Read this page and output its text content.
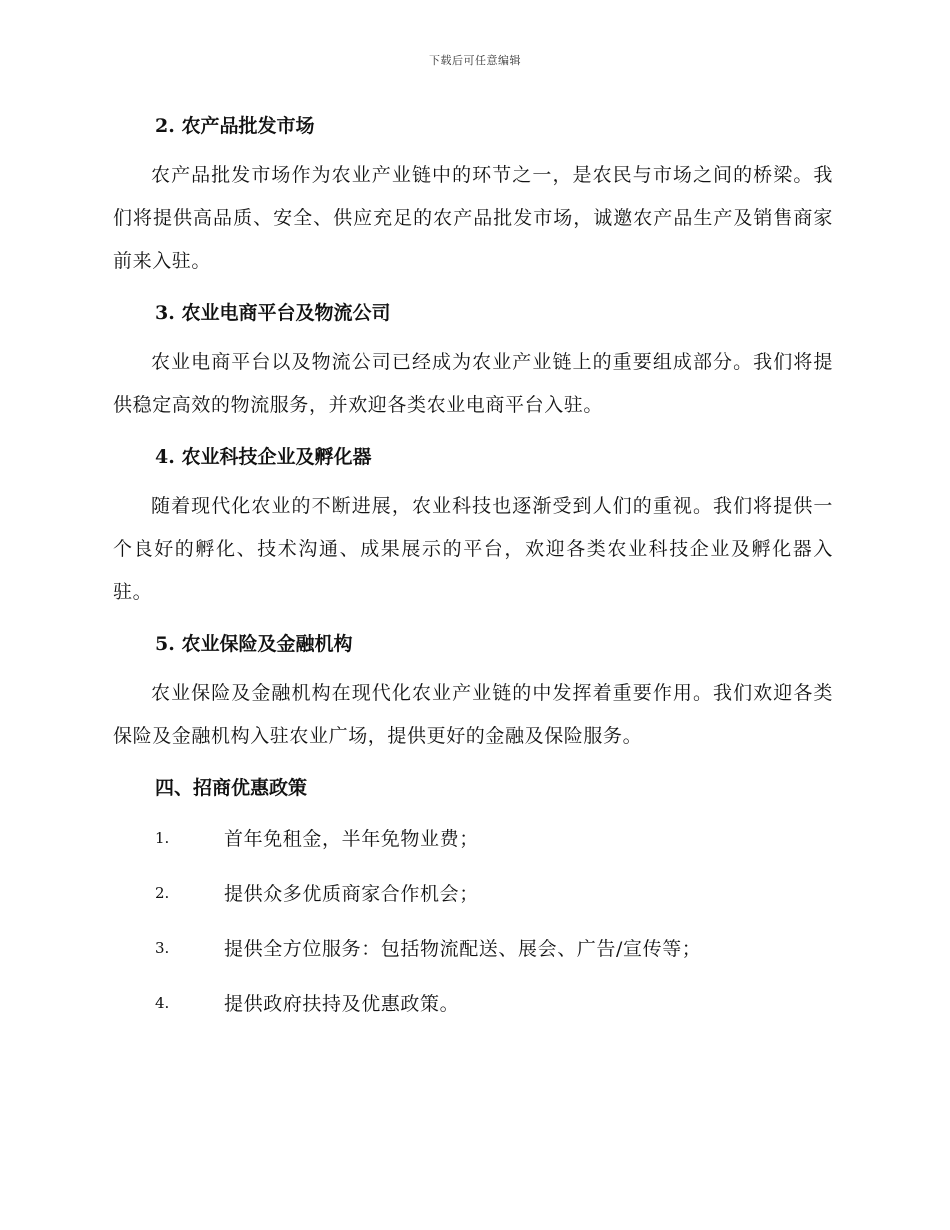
下载后可任意编辑
2. 农产品批发市场

农产品批发市场作为农业产业链中的环节之一，是农民与市场之间的桥梁。我们将提供高品质、安全、供应充足的农产品批发市场，诚邀农产品生产及销售商家前来入驻。

3. 农业电商平台及物流公司

农业电商平台以及物流公司已经成为农业产业链上的重要组成部分。我们将提供稳定高效的物流服务，并欢迎各类农业电商平台入驻。

4. 农业科技企业及孵化器

随着现代化农业的不断进展，农业科技也逐渐受到人们的重视。我们将提供一个良好的孵化、技术沟通、成果展示的平台，欢迎各类农业科技企业及孵化器入驻。

5. 农业保险及金融机构

农业保险及金融机构在现代化农业产业链的中发挥着重要作用。我们欢迎各类保险及金融机构入驻农业广场，提供更好的金融及保险服务。

四、招商优惠政策
1.	首年免租金，半年免物业费；
2.	提供众多优质商家合作机会；
3.	提供全方位服务：包括物流配送、展会、广告/宣传等；
4.	提供政府扶持及优惠政策。
